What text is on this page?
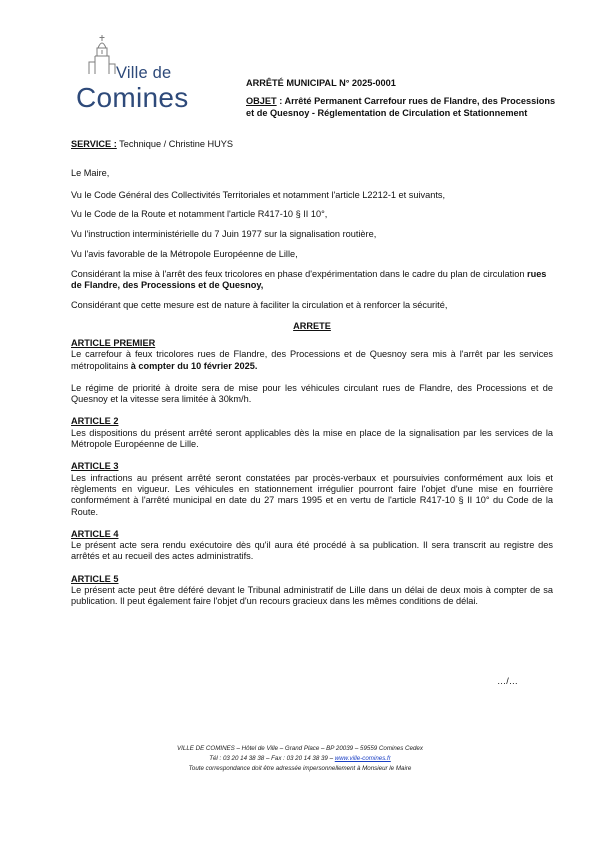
Ville de
Comines	ARRÊTÉ MUNICIPAL N° 2025-0001

OBJET : Arrêté Permanent Carrefour rues de Flandre, des Processions et de Quesnoy - Réglementation de Circulation et Stationnement

SERVICE : Technique / Christine HUYS

Le Maire,

Vu le Code Général des Collectivités Territoriales et notamment l'article L2212-1 et suivants,

Vu le Code de la Route et notamment l'article R417-10 § II 10°,

Vu l'instruction interministérielle du 7 Juin 1977 sur la signalisation routière,

Vu l'avis favorable de la Métropole Européenne de Lille,

Considérant la mise à l'arrêt des feux tricolores en phase d'expérimentation dans le cadre du plan de circulation rues de Flandre, des Processions et de Quesnoy,

Considérant que cette mesure est de nature à faciliter la circulation et à renforcer la sécurité,

ARRETE

ARTICLE PREMIER

Le carrefour à feux tricolores rues de Flandre, des Processions et de Quesnoy sera mis à l'arrêt par les services métropolitains à compter du 10 février 2025.

Le régime de priorité à droite sera de mise pour les véhicules circulant rues de Flandre, des Processions et de Quesnoy et la vitesse sera limitée à 30km/h.

ARTICLE 2

Les dispositions du présent arrêté seront applicables dès la mise en place de la signalisation par les services de la Métropole Européenne de Lille.

ARTICLE 3

Les infractions au présent arrêté seront constatées par procès-verbaux et poursuivies conformément aux lois et règlements en vigueur. Les véhicules en stationnement irrégulier pourront faire l'objet d'une mise en fourrière conformément à l'arrêté municipal en date du 27 mars 1995 et en vertu de l'article R417-10 § II 10° du Code de la Route.

ARTICLE 4

Le présent acte sera rendu exécutoire dès qu'il aura été procédé à sa publication. Il sera transcrit au registre des arrêtés et au recueil des actes administratifs.

ARTICLE 5

Le présent acte peut être déféré devant le Tribunal administratif de Lille dans un délai de deux mois à compter de sa publication. Il peut également faire l'objet d'un recours gracieux dans les mêmes conditions de délai.

…/…
VILLE DE COMINES – Hôtel de Ville – Grand Place – BP 20039 – 59559 Comines Cedex
Tél : 03 20 14 38 38 – Fax : 03 20 14 38 39 – www.ville-comines.fr
Toute correspondance doit être adressée impersonnellement à Monsieur le Maire
